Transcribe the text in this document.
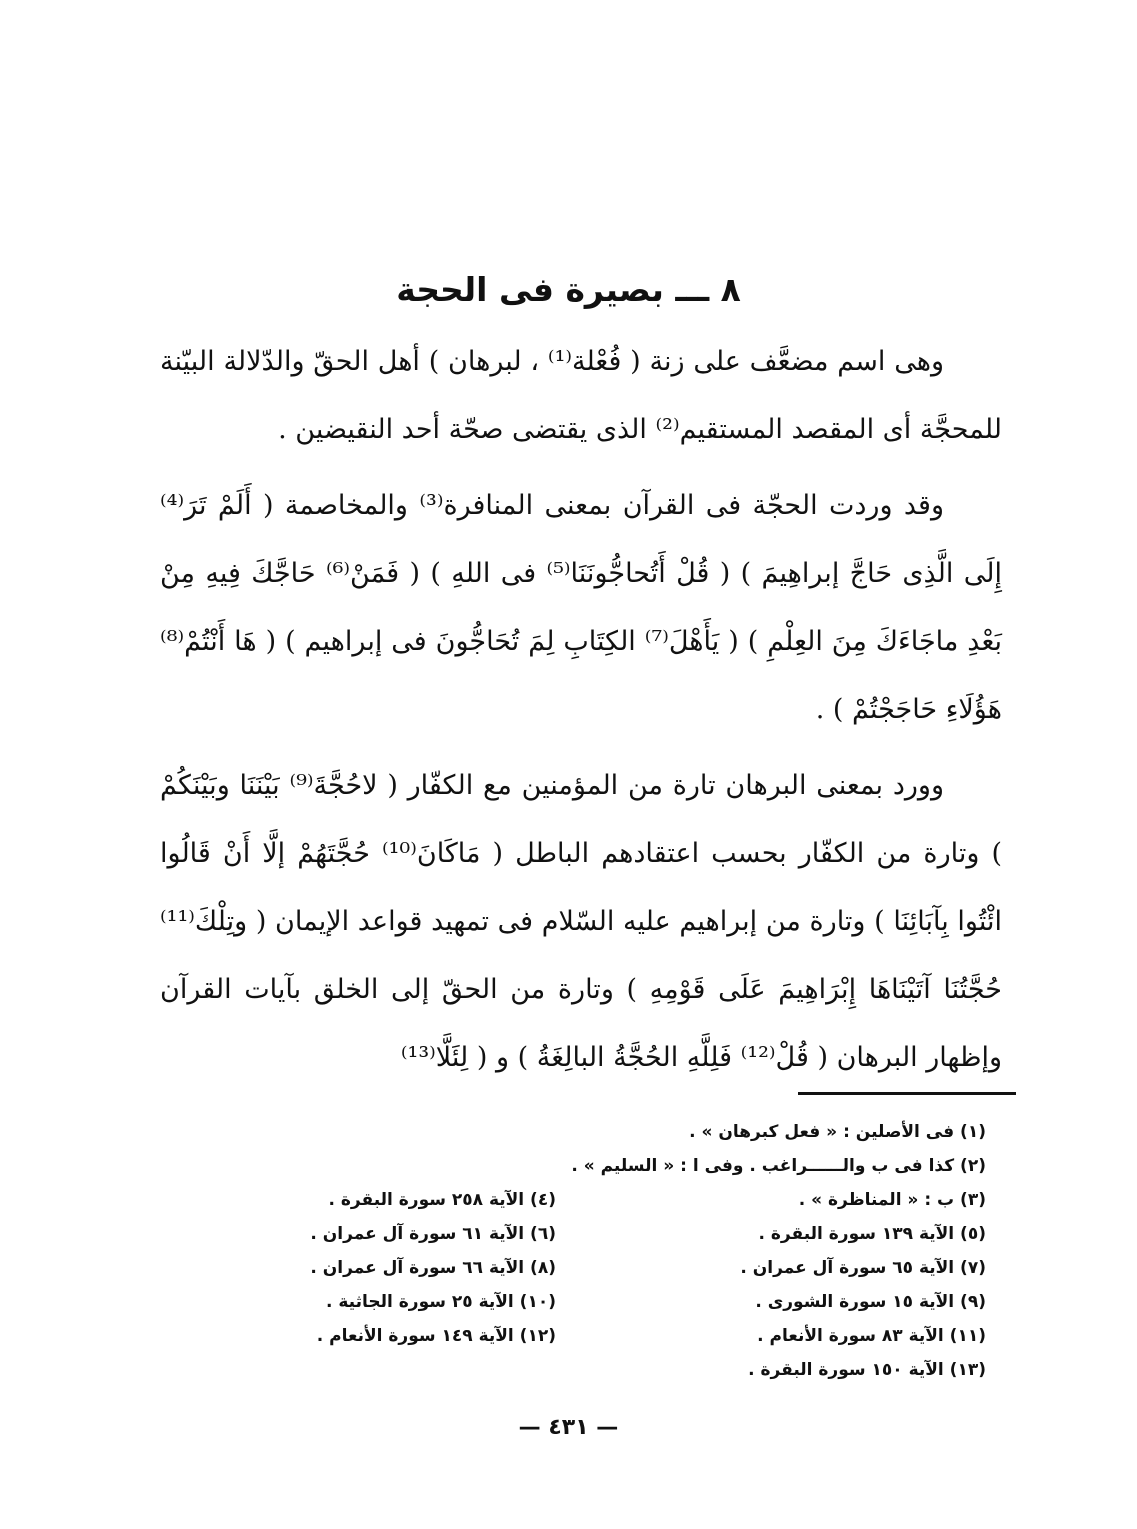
٨ ـــ بصيرة فى الحجة

وهى اسم مضعَّف على زنة ( فُعْلة⁽¹⁾ ، لبرهان ) أهل الحقّ والدّلالة البيّنة للمحجَّة أى المقصد المستقيم⁽²⁾ الذى يقتضى صحّة أحد النقيضين .

وقد وردت الحجّة فى القرآن بمعنى المنافرة⁽³⁾ والمخاصمة ( أَلَمْ تَرَ⁽⁴⁾ إِلَى الَّذِى حَاجَّ إبراهِيمَ ) ( قُلْ أَتُحاجُّونَنَا⁽⁵⁾ فى اللهِ ) ( فَمَنْ⁽⁶⁾ حَاجَّكَ فِيهِ مِنْ بَعْدِ ماجَاءَكَ مِنَ العِلْمِ ) ( يَأَهْلَ⁽⁷⁾ الكِتَابِ لِمَ تُحَاجُّونَ فى إبراهيم ) ( هَا أَنْتُمْ⁽⁸⁾ هَؤُلَاءِ حَاجَجْتُمْ ) .

وورد بمعنى البرهان تارة من المؤمنين مع الكفّار ( لاحُجَّةَ⁽⁹⁾ بَيْنَنَا وبَيْنَكُمْ ) وتارة من الكفّار بحسب اعتقادهم الباطل ( مَاكَانَ⁽¹⁰⁾ حُجَّتَهُمْ إلَّا أَنْ قَالُوا ائْتُوا بِآبَائِنَا ) وتارة من إبراهيم عليه السّلام فى تمهيد قواعد الإيمان ( وتِلْكَ⁽¹¹⁾ حُجَّتُنَا آتَيْنَاهَا إِبْرَاهِيمَ عَلَى قَوْمِهِ ) وتارة من الحقّ إلى الخلق بآيات القرآن وإظهار البرهان ( قُلْ⁽¹²⁾ فَلِلَّهِ الحُجَّةُ البالِغَةُ ) و ( لِئَلَّا⁽¹³⁾

(١) فى الأصلين : « فعل كبرهان » .
(٢) كذا فى ب والــــــراغب . وفى ا : « السليم » .
(٣) ب : « المناظرة » .
(٤) الآية ٢٥٨ سورة البقرة .
(٥) الآية ١٣٩ سورة البقرة .
(٦) الآية ٦١ سورة آل عمران .
(٧) الآية ٦٥ سورة آل عمران .
(٨) الآية ٦٦ سورة آل عمران .
(٩) الآية ١٥ سورة الشورى .
(١٠) الآية ٢٥ سورة الجاثية .
(١١) الآية ٨٣ سورة الأنعام .
(١٢) الآية ١٤٩ سورة الأنعام .
(١٣) الآية ١٥٠ سورة البقرة .
— ٤٣١ —
